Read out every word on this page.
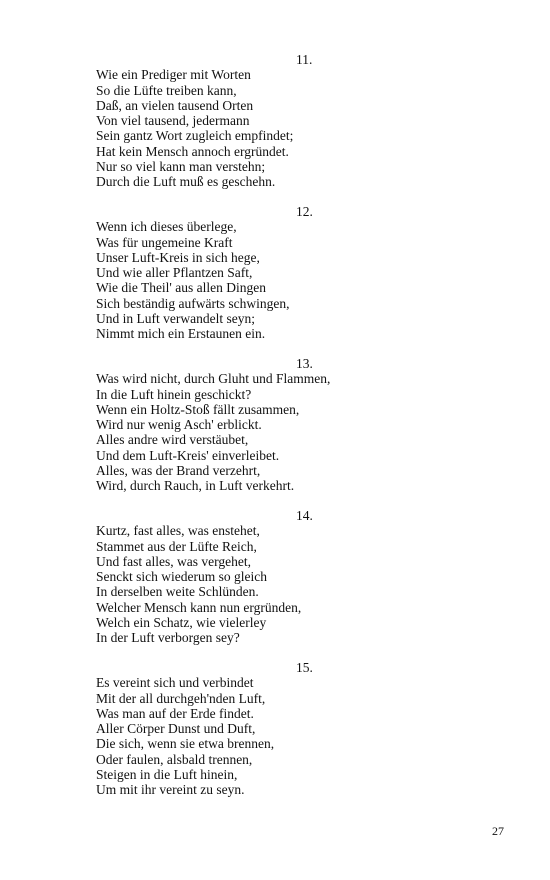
11.
Wie ein Prediger mit Worten
So die Lüfte treiben kann,
Daß, an vielen tausend Orten
Von viel tausend, jedermann
Sein gantz Wort zugleich empfindet;
Hat kein Mensch annoch ergründet.
Nur so viel kann man verstehn;
Durch die Luft muß es geschehn.
12.
Wenn ich dieses überlege,
Was für ungemeine Kraft
Unser Luft-Kreis in sich hege,
Und wie aller Pflantzen Saft,
Wie die Theil' aus allen Dingen
Sich beständig aufwärts schwingen,
Und in Luft verwandelt seyn;
Nimmt mich ein Erstaunen ein.
13.
Was wird nicht, durch Gluht und Flammen,
In die Luft hinein geschickt?
Wenn ein Holtz-Stoß fällt zusammen,
Wird nur wenig Asch' erblickt.
Alles andre wird verstäubet,
Und dem Luft-Kreis' einverleibet.
Alles, was der Brand verzehrt,
Wird, durch Rauch, in Luft verkehrt.
14.
Kurtz, fast alles, was enstehet,
Stammet aus der Lüfte Reich,
Und fast alles, was vergehet,
Senckt sich wiederum so gleich
In derselben weite Schlünden.
Welcher Mensch kann nun ergründen,
Welch ein Schatz, wie vielerley
In der Luft verborgen sey?
15.
Es vereint sich und verbindet
Mit der all durchgeh'nden Luft,
Was man auf der Erde findet.
Aller Cörper Dunst und Duft,
Die sich, wenn sie etwa brennen,
Oder faulen, alsbald trennen,
Steigen in die Luft hinein,
Um mit ihr vereint zu seyn.
27
